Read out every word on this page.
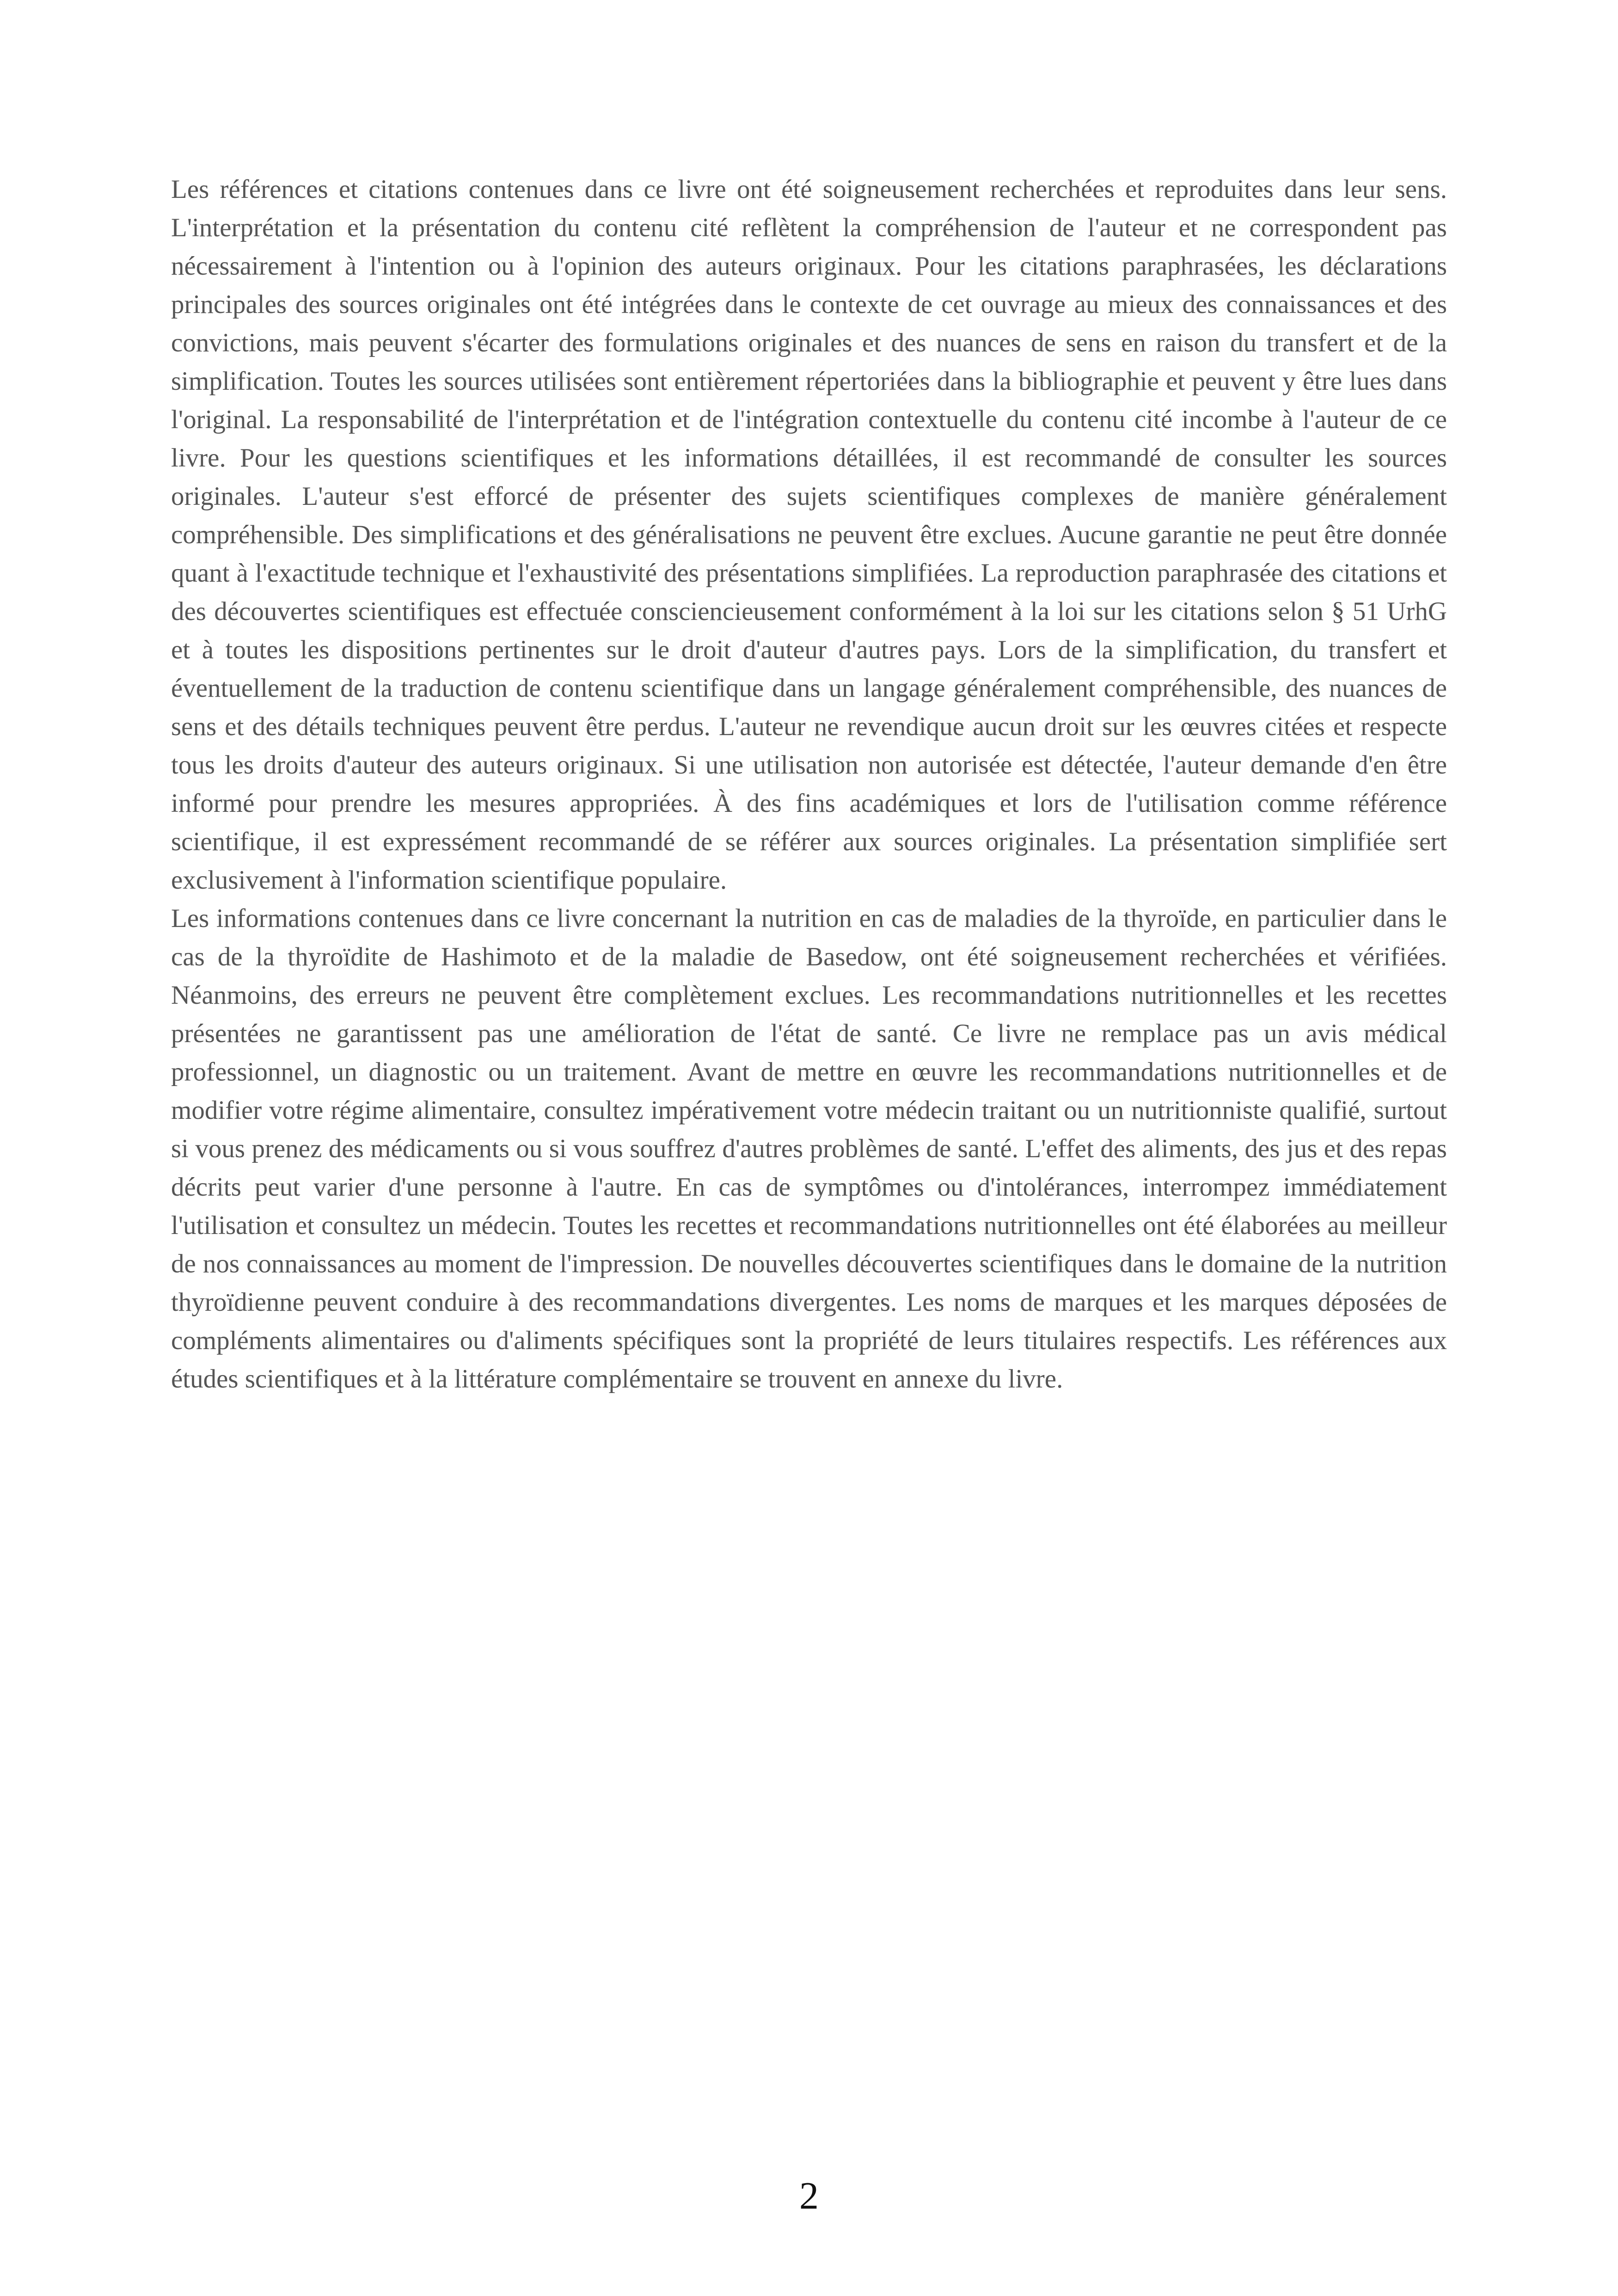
Les références et citations contenues dans ce livre ont été soigneusement recherchées et reproduites dans leur sens. L'interprétation et la présentation du contenu cité reflètent la compréhension de l'auteur et ne correspondent pas nécessairement à l'intention ou à l'opinion des auteurs originaux. Pour les citations paraphrasées, les déclarations principales des sources originales ont été intégrées dans le contexte de cet ouvrage au mieux des connaissances et des convictions, mais peuvent s'écarter des formulations originales et des nuances de sens en raison du transfert et de la simplification. Toutes les sources utilisées sont entièrement répertoriées dans la bibliographie et peuvent y être lues dans l'original. La responsabilité de l'interprétation et de l'intégration contextuelle du contenu cité incombe à l'auteur de ce livre. Pour les questions scientifiques et les informations détaillées, il est recommandé de consulter les sources originales. L'auteur s'est efforcé de présenter des sujets scientifiques complexes de manière généralement compréhensible. Des simplifications et des généralisations ne peuvent être exclues. Aucune garantie ne peut être donnée quant à l'exactitude technique et l'exhaustivité des présentations simplifiées. La reproduction paraphrasée des citations et des découvertes scientifiques est effectuée consciencieusement conformément à la loi sur les citations selon § 51 UrhG et à toutes les dispositions pertinentes sur le droit d'auteur d'autres pays. Lors de la simplification, du transfert et éventuellement de la traduction de contenu scientifique dans un langage généralement compréhensible, des nuances de sens et des détails techniques peuvent être perdus. L'auteur ne revendique aucun droit sur les œuvres citées et respecte tous les droits d'auteur des auteurs originaux. Si une utilisation non autorisée est détectée, l'auteur demande d'en être informé pour prendre les mesures appropriées. À des fins académiques et lors de l'utilisation comme référence scientifique, il est expressément recommandé de se référer aux sources originales. La présentation simplifiée sert exclusivement à l'information scientifique populaire.

Les informations contenues dans ce livre concernant la nutrition en cas de maladies de la thyroïde, en particulier dans le cas de la thyroïdite de Hashimoto et de la maladie de Basedow, ont été soigneusement recherchées et vérifiées. Néanmoins, des erreurs ne peuvent être complètement exclues. Les recommandations nutritionnelles et les recettes présentées ne garantissent pas une amélioration de l'état de santé. Ce livre ne remplace pas un avis médical professionnel, un diagnostic ou un traitement. Avant de mettre en œuvre les recommandations nutritionnelles et de modifier votre régime alimentaire, consultez impérativement votre médecin traitant ou un nutritionniste qualifié, surtout si vous prenez des médicaments ou si vous souffrez d'autres problèmes de santé. L'effet des aliments, des jus et des repas décrits peut varier d'une personne à l'autre. En cas de symptômes ou d'intolérances, interrompez immédiatement l'utilisation et consultez un médecin. Toutes les recettes et recommandations nutritionnelles ont été élaborées au meilleur de nos connaissances au moment de l'impression. De nouvelles découvertes scientifiques dans le domaine de la nutrition thyroïdienne peuvent conduire à des recommandations divergentes. Les noms de marques et les marques déposées de compléments alimentaires ou d'aliments spécifiques sont la propriété de leurs titulaires respectifs. Les références aux études scientifiques et à la littérature complémentaire se trouvent en annexe du livre.

2
